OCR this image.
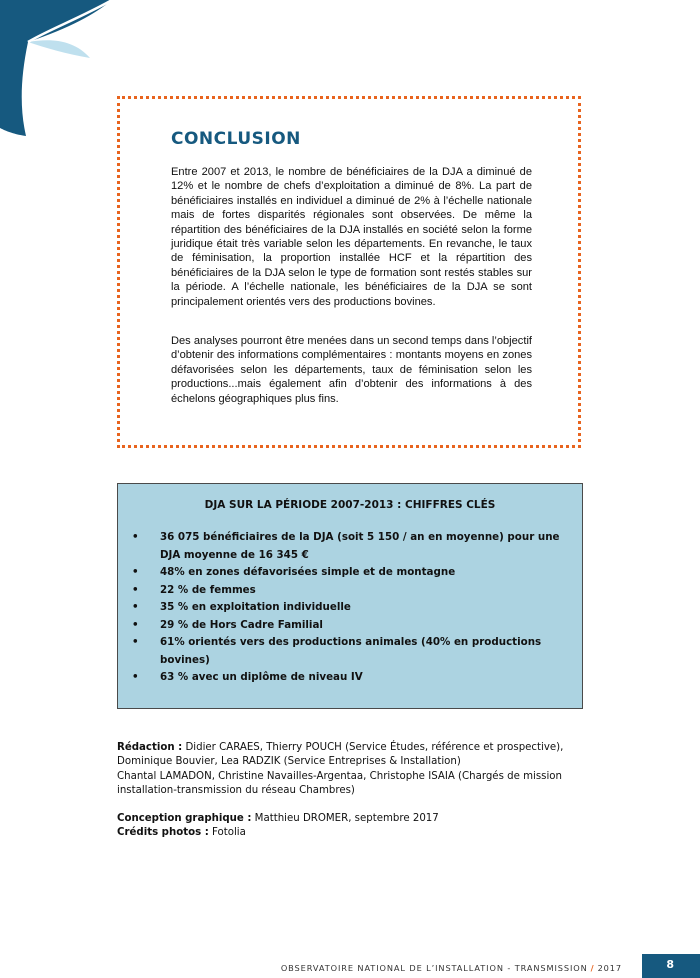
CONCLUSION

Entre 2007 et 2013, le nombre de bénéficiaires de la DJA a diminué de 12% et le nombre de chefs d’exploitation a diminué de 8%. La part de bénéficiaires installés en individuel a diminué de 2% à l’échelle nationale mais de fortes disparités régionales sont observées. De même la répartition des bénéficiaires de la DJA installés en société selon la forme juridique était très variable selon les départements. En revanche, le taux de féminisation, la proportion installée HCF et la répartition des bénéficiaires de la DJA selon le type de formation sont restés stables sur la période. A l’échelle nationale, les bénéficiaires de la DJA se sont principalement orientés vers des productions bovines.

Des analyses pourront être menées dans un second temps dans l’objectif d’obtenir des informations complémentaires : montants moyens en zones défavorisées selon les départements, taux de féminisation selon les productions...mais également afin d’obtenir des informations à des échelons géographiques plus fins.

DJA SUR LA PÉRIODE 2007-2013 : CHIFFRES CLÉS
• 36 075 bénéficiaires de la DJA (soit 5 150 / an en moyenne) pour une DJA moyenne de 16 345 €
• 48% en zones défavorisées simple et de montagne
• 22 % de femmes
• 35 % en exploitation individuelle
• 29 % de Hors Cadre Familial
• 61% orientés vers des productions animales (40% en productions bovines)
• 63 % avec un diplôme de niveau IV

Rédaction : Didier CARAES, Thierry POUCH (Service Études, référence et prospective),

Dominique Bouvier, Lea RADZIK (Service Entreprises & Installation)

Chantal LAMADON, Christine Navailles-Argentaa, Christophe ISAIA (Chargés de mission installation-transmission du réseau Chambres)

Conception graphique : Matthieu DROMER, septembre 2017

Crédits photos : Fotolia

OBSERVATOIRE NATIONAL DE L’INSTALLATION - TRANSMISSION / 2017	8
